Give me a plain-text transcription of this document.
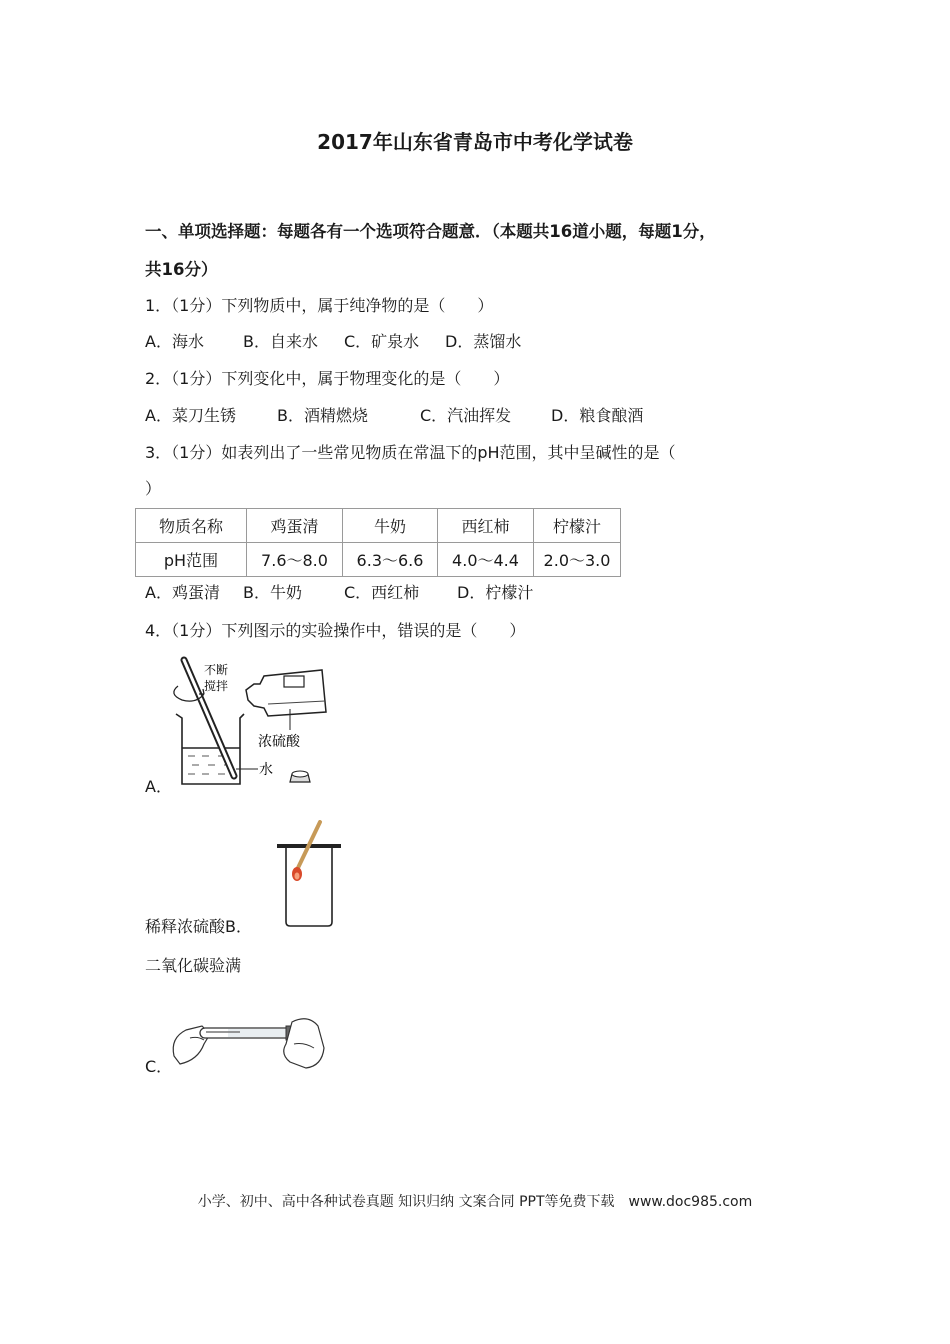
2017年山东省青岛市中考化学试卷
一、单项选择题：每题各有一个选项符合题意．（本题共16道小题，每题1分，
共16分）
1．（1分）下列物质中，属于纯净物的是（　　）
A．海水 B．自来水 C．矿泉水 D．蒸馏水
2．（1分）下列变化中，属于物理变化的是（　　）
A．菜刀生锈	B．酒精燃烧	C．汽油挥发 D．粮食酿酒
3．（1分）如表列出了一些常见物质在常温下的pH范围，其中呈碱性的是（
）
物质名称	鸡蛋清	牛奶	西红柿	柠檬汁
pH范围	7.6～8.0	6.3～6.6	4.0～4.4	2.0～3.0
A．鸡蛋清 B．牛奶	C．西红柿 D．柠檬汁
4．（1分）下列图示的实验操作中，错误的是（　　）
不断
搅拌
浓硫酸
水
A．
稀释浓硫酸B．
二氧化碳验满
C．
小学、初中、高中各种试卷真题 知识归纳 文案合同 PPT等免费下载　www.doc985.com
